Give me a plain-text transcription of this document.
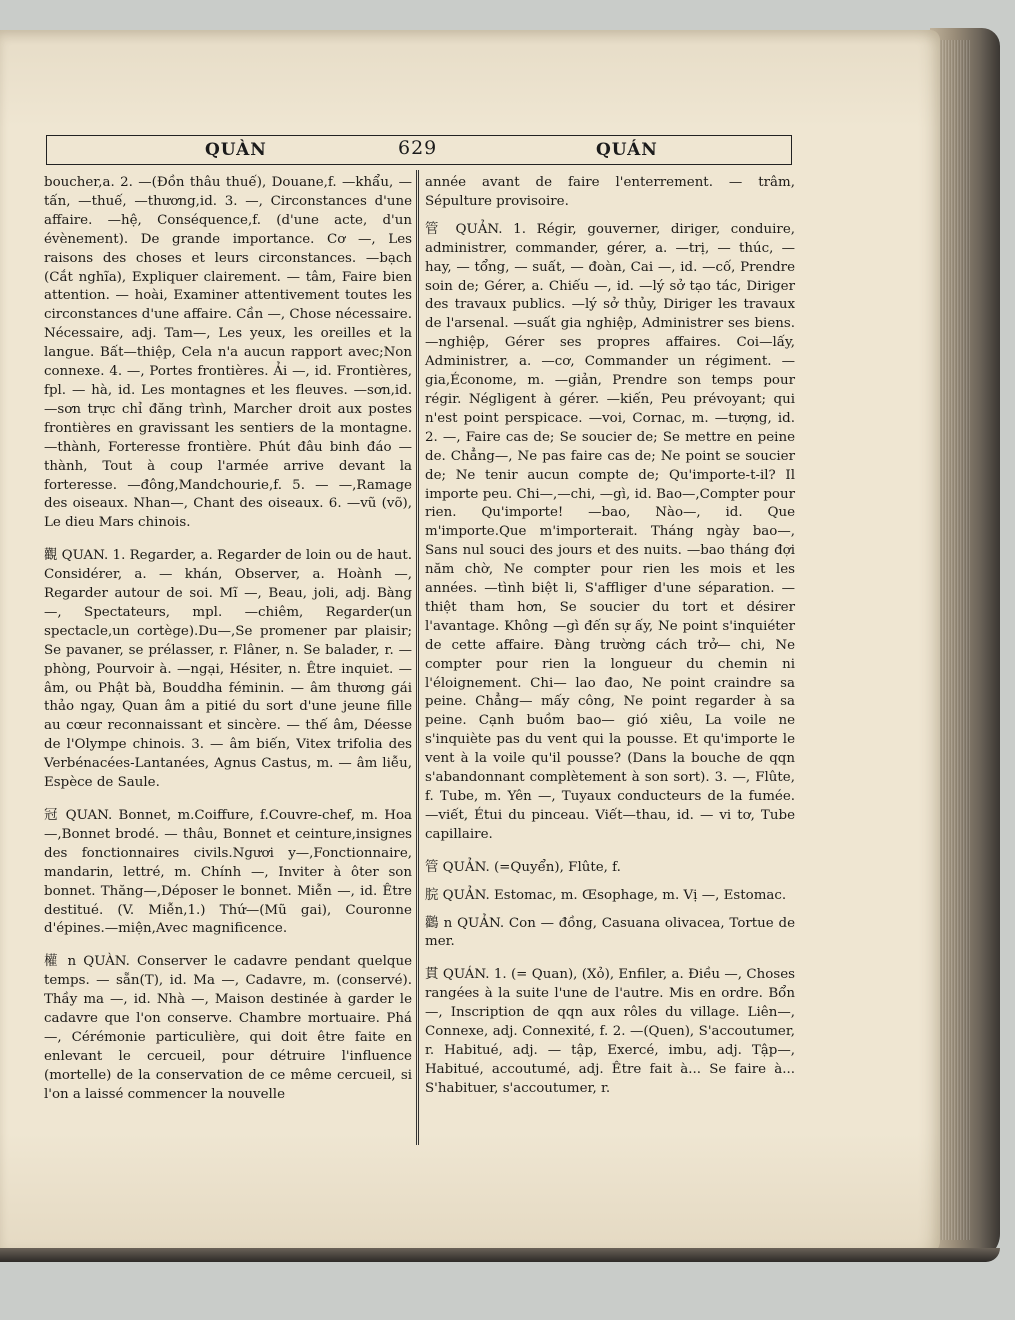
QUÀN	629	QUÁN

boucher,a. 2. —(Đồn thâu thuế), Douane,f. —khẩu, —tấn, —thuế, —thương,id. 3. —, Circonstances d'une affaire. —hệ, Conséquence,f. (d'une acte, d'un évènement). De grande importance. Cơ —, Les raisons des choses et leurs circonstances. —bạch (Cắt nghĩa), Expliquer clairement. — tâm, Faire bien attention. — hoài, Examiner attentivement toutes les circonstances d'une affaire. Cần —, Chose nécessaire. Nécessaire, adj. Tam—, Les yeux, les oreilles et la langue. Bất—thiệp, Cela n'a aucun rapport avec;Non connexe. 4. —, Portes frontières. Ải —, id. Frontières, fpl. — hà, id. Les montagnes et les fleuves. —sơn,id. —sơn trực chỉ đăng trình, Marcher droit aux postes frontières en gravissant les sentiers de la montagne. —thành, Forteresse frontière. Phút đâu binh đáo — thành, Tout à coup l'armée arrive devant la forteresse. —đông,Mandchourie,f. 5. — —,Ramage des oiseaux. Nhan—, Chant des oiseaux. 6. —vũ (võ), Le dieu Mars chinois.

觀 QUAN. 1. Regarder, a. Regarder de loin ou de haut. Considérer, a. — khán, Observer, a. Hoành —, Regarder autour de soi. Mĩ —, Beau, joli, adj. Bàng —, Spectateurs, mpl. —chiêm, Regarder(un spectacle,un cortège).Du—,Se promener par plaisir; Se pavaner, se prélasser, r. Flâner, n. Se balader, r. — phòng, Pourvoir à. —ngại, Hésiter, n. Être inquiet. — âm, ou Phật bà, Bouddha féminin. — âm thương gái thảo ngay, Quan âm a pitié du sort d'une jeune fille au cœur reconnaissant et sincère. — thế âm, Déesse de l'Olympe chinois. 3. — âm biến, Vitex trifolia des Verbénacées-Lantanées, Agnus Castus, m. — âm liễu, Espèce de Saule.

冠 QUAN. Bonnet, m.Coiffure, f.Couvre-chef, m. Hoa—,Bonnet brodé. — thâu, Bonnet et ceinture,insignes des fonctionnaires civils.Ngươi y—,Fonctionnaire, mandarin, lettré, m. Chính —, Inviter à ôter son bonnet. Thăng—,Déposer le bonnet. Miễn —, id. Être destitué. (V. Miễn,1.) Thứ—(Mũ gai), Couronne d'épines.—miện,Avec magnificence.

權 n QUÀN. Conserver le cadavre pendant quelque temps. — sẵn(T), id. Ma —, Cadavre, m. (conservé). Thầy ma —, id. Nhà —, Maison destinée à garder le cadavre que l'on conserve. Chambre mortuaire. Phá —, Cérémonie particulière, qui doit être faite en enlevant le cercueil, pour détruire l'influence (mortelle) de la conservation de ce même cercueil, si l'on a laissé commencer la nouvelle

année avant de faire l'enterrement. — trâm, Sépulture provisoire.

管 QUẢN. 1. Régir, gouverner, diriger, conduire, administrer, commander, gérer, a. —trị, — thúc, — hay, — tổng, — suất, — đoàn, Cai —, id. —cố, Prendre soin de; Gérer, a. Chiếu —, id. —lý sở tạo tác, Diriger des travaux publics. —lý sở thủy, Diriger les travaux de l'arsenal. —suất gia nghiệp, Administrer ses biens. —nghiệp, Gérer ses propres affaires. Coi—lấy, Administrer, a. —cơ, Commander un régiment. —gia,Économe, m. —giản, Prendre son temps pour régir. Négligent à gérer. —kiến, Peu prévoyant; qui n'est point perspicace. —voi, Cornac, m. —tượng, id. 2. —, Faire cas de; Se soucier de; Se mettre en peine de. Chẳng—, Ne pas faire cas de; Ne point se soucier de; Ne tenir aucun compte de; Qu'importe-t-il? Il importe peu. Chi—,—chi, —gì, id. Bao—,Compter pour rien. Qu'importe! —bao, Nào—, id. Que m'importe.Que m'importerait. Tháng ngày bao—, Sans nul souci des jours et des nuits. —bao tháng đợi năm chờ, Ne compter pour rien les mois et les années. —tình biệt li, S'affliger d'une séparation. —thiệt tham hơn, Se soucier du tort et désirer l'avantage. Không —gì đến sự ấy, Ne point s'inquiéter de cette affaire. Đàng trường cách trở— chi, Ne compter pour rien la longueur du chemin ni l'éloignement. Chi— lao đao, Ne point craindre sa peine. Chẳng— mấy công, Ne point regarder à sa peine. Cạnh buồm bao— gió xiêu, La voile ne s'inquiète pas du vent qui la pousse. Et qu'importe le vent à la voile qu'il pousse? (Dans la bouche de qqn s'abandonnant complètement à son sort). 3. —, Flûte, f. Tube, m. Yên —, Tuyaux conducteurs de la fumée. —viết, Étui du pinceau. Viết—thau, id. — vi tơ, Tube capillaire.

管 QUẢN. (=Quyển), Flûte, f.

脘 QUẢN. Estomac, m. Œsophage, m. Vị —, Estomac.

鸛 n QUẢN. Con — đồng, Casuana olivacea, Tortue de mer.

貫 QUÁN. 1. (= Quan), (Xỏ), Enfiler, a. Điều —, Choses rangées à la suite l'une de l'autre. Mis en ordre. Bổn —, Inscription de qqn aux rôles du village. Liên—, Connexe, adj. Connexité, f. 2. —(Quen), S'accoutumer, r. Habitué, adj. — tập, Exercé, imbu, adj. Tập—, Habitué, accoutumé, adj. Être fait à... Se faire à... S'habituer, s'accoutumer, r.
